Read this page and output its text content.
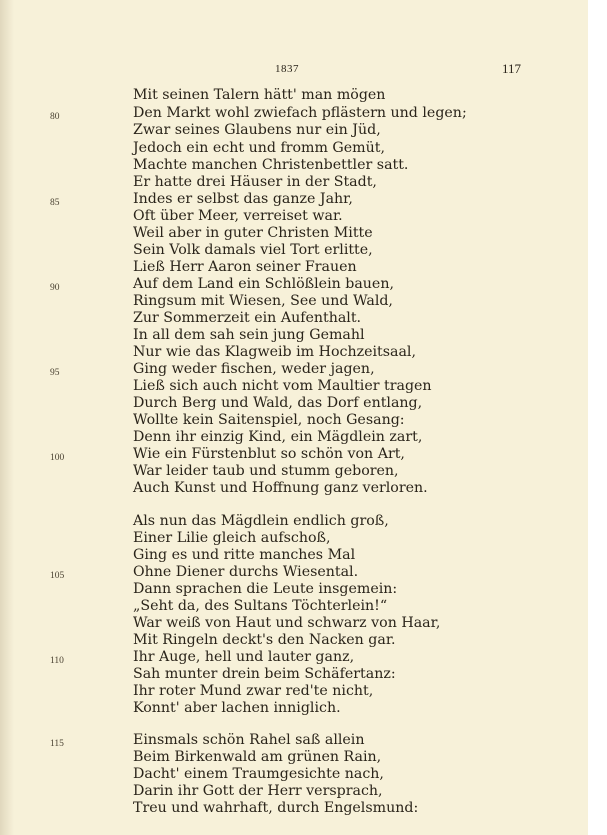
1837	117
Mit seinen Talern hätt' man mögen
Den Markt wohl zwiefach pflästern und legen;
Zwar seines Glaubens nur ein Jüd,
Jedoch ein echt und fromm Gemüt,
Machte manchen Christenbettler satt.
Er hatte drei Häuser in der Stadt,
Indes er selbst das ganze Jahr,
Oft über Meer, verreiset war.
Weil aber in guter Christen Mitte
Sein Volk damals viel Tort erlitte,
Ließ Herr Aaron seiner Frauen
Auf dem Land ein Schlößlein bauen,
Ringsum mit Wiesen, See und Wald,
Zur Sommerzeit ein Aufenthalt.
In all dem sah sein jung Gemahl
Nur wie das Klagweib im Hochzeitsaal,
Ging weder fischen, weder jagen,
Ließ sich auch nicht vom Maultier tragen
Durch Berg und Wald, das Dorf entlang,
Wollte kein Saitenspiel, noch Gesang:
Denn ihr einzig Kind, ein Mägdlein zart,
Wie ein Fürstenblut so schön von Art,
War leider taub und stumm geboren,
Auch Kunst und Hoffnung ganz verloren.
Als nun das Mägdlein endlich groß,
Einer Lilie gleich aufschoß,
Ging es und ritte manches Mal
Ohne Diener durchs Wiesental.
Dann sprachen die Leute insgemein:
„Seht da, des Sultans Töchterlein!“
War weiß von Haut und schwarz von Haar,
Mit Ringeln deckt's den Nacken gar.
Ihr Auge, hell und lauter ganz,
Sah munter drein beim Schäfertanz:
Ihr roter Mund zwar red'te nicht,
Konnt' aber lachen inniglich.
Einsmals schön Rahel saß allein
Beim Birkenwald am grünen Rain,
Dacht' einem Traumgesichte nach,
Darin ihr Gott der Herr versprach,
Treu und wahrhaft, durch Engelsmund:
80
85
90
95
100
105
110
115
